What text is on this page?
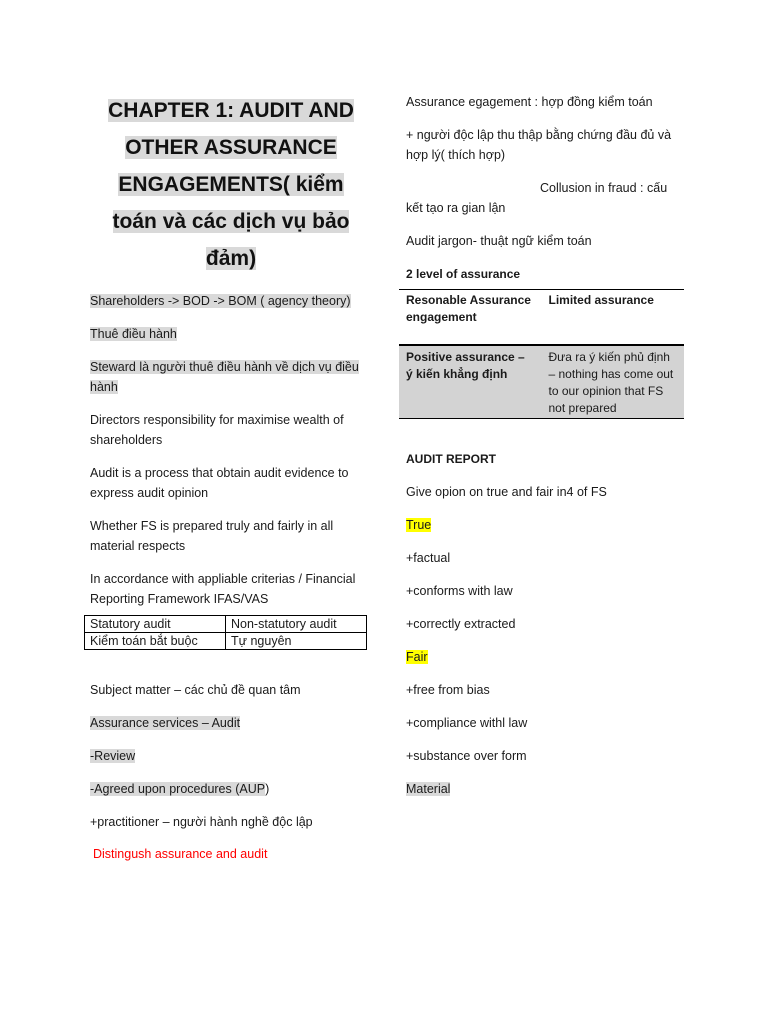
CHAPTER 1: AUDIT AND OTHER ASSURANCE ENGAGEMENTS( kiểm toán và các dịch vụ bảo đảm)

Shareholders -> BOD -> BOM ( agency theory)

Thuê điều hành

Steward là người thuê điều hành về dịch vụ điều hành

Directors responsibility for maximise wealth of shareholders

Audit is a process that obtain audit evidence to express audit opinion

Whether FS is prepared truly and fairly in all material respects

In accordance with appliable criterias / Financial Reporting Framework IFAS/VAS

Statutory audit	Non-statutory audit
Kiểm toán bắt buộc	Tự nguyên

Subject matter – các chủ đề quan tâm

Assurance services – Audit

-Review

-Agreed upon procedures (AUP)

+practitioner – người hành nghề độc lập

Distingush assurance and audit

Assurance egagement : hợp đồng kiểm toán

+ người độc lập thu thập bằng chứng đầu đủ và hợp lý( thích hợp)

Collusion in fraud : cấu

kết tạo ra gian lận

Audit jargon- thuật ngữ kiểm toán

2 level of assurance

Resonable Assurance engagement	Limited assurance
Positive assurance – ý kiến khẳng định	Đưa ra ý kiến phủ định – nothing has come out to our opinion that FS not prepared

AUDIT REPORT

Give opion on true and fair in4 of FS

True

+factual

+conforms with law

+correctly extracted

Fair

+free from bias

+compliance withl law

+substance over form

Material
